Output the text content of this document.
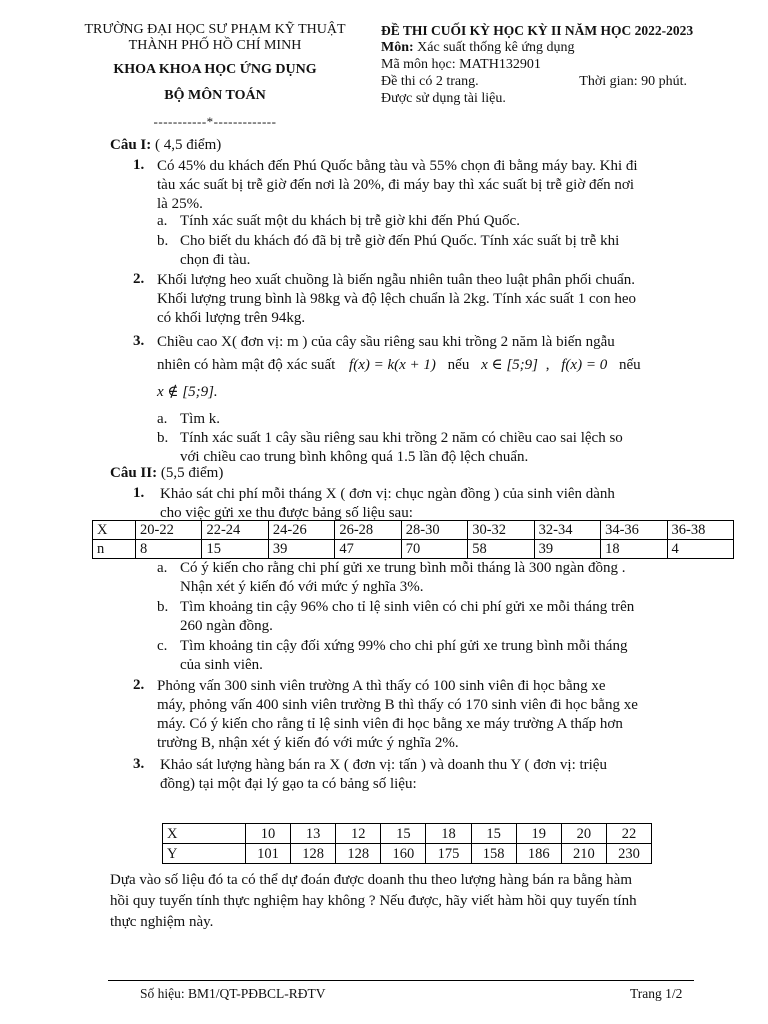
TRƯỜNG ĐẠI HỌC SƯ PHẠM KỸ THUẬT
THÀNH PHỐ HỒ CHÍ MINH
KHOA KHOA HỌC ỨNG DỤNG
BỘ MÔN TOÁN
-----------*-------------
ĐỀ THI CUỐI KỲ HỌC KỲ II NĂM HỌC 2022-2023
Môn: Xác suất thống kê ứng dụng
Mã môn học: MATH132901
Đề thi có 2 trang.	Thời gian: 90 phút.
Được sử dụng tài liệu.
Câu I: ( 4,5 điểm)
1. Có 45% du khách đến Phú Quốc bằng tàu và 55% chọn đi bằng máy bay. Khi đi
tàu xác suất bị trễ giờ đến nơi là 20%, đi máy bay thì xác suất bị trễ giờ đến nơi
là 25%.
a. Tính xác suất một du khách bị trễ giờ khi đến Phú Quốc.
b. Cho biết du khách đó đã bị trễ giờ đến Phú Quốc. Tính xác suất bị trễ khi
chọn đi tàu.
2. Khối lượng heo xuất chuồng là biến ngẫu nhiên tuân theo luật phân phối chuẩn.
Khối lượng trung bình là 98kg và độ lệch chuẩn là 2kg. Tính xác suất 1 con heo
có khối lượng trên 94kg.
3. Chiều cao X( đơn vị: m ) của cây sầu riêng sau khi trồng 2 năm là biến ngẫu
nhiên có hàm mật độ xác suất f(x) = k(x + 1) nếu x ∈ [5;9] , f(x) = 0 nếu
x ∉ [5;9].
a. Tìm k.
b. Tính xác suất 1 cây sầu riêng sau khi trồng 2 năm có chiều cao sai lệch so
với chiều cao trung bình không quá 1.5 lần độ lệch chuẩn.
Câu II: (5,5 điểm)
1. Khảo sát chi phí mỗi tháng X ( đơn vị: chục ngàn đồng ) của sinh viên dành
cho việc gửi xe thu được bảng số liệu sau:
X	20-22	22-24	24-26	26-28	28-30	30-32	32-34	34-36	36-38
n	8	15	39	47	70	58	39	18	4
a. Có ý kiến cho rằng chi phí gửi xe trung bình mỗi tháng là 300 ngàn đồng .
Nhận xét ý kiến đó với mức ý nghĩa 3%.
b. Tìm khoảng tin cậy 96% cho tỉ lệ sinh viên có chi phí gửi xe mỗi tháng trên
260 ngàn đồng.
c. Tìm khoảng tin cậy đối xứng 99% cho chi phí gửi xe trung bình mỗi tháng
của sinh viên.
2. Phỏng vấn 300 sinh viên trường A thì thấy có 100 sinh viên đi học bằng xe
máy, phỏng vấn 400 sinh viên trường B thì thấy có 170 sinh viên đi học bằng xe
máy. Có ý kiến cho rằng tỉ lệ sinh viên đi học bằng xe máy trường A thấp hơn
trường B, nhận xét ý kiến đó với mức ý nghĩa 2%.
3. Khảo sát lượng hàng bán ra X ( đơn vị: tấn ) và doanh thu Y ( đơn vị: triệu
đồng) tại một đại lý gạo ta có bảng số liệu:
X	10	13	12	15	18	15	19	20	22
Y	101	128	128	160	175	158	186	210	230
Dựa vào số liệu đó ta có thể dự đoán được doanh thu theo lượng hàng bán ra bằng hàm
hồi quy tuyến tính thực nghiệm hay không ? Nếu được, hãy viết hàm hồi quy tuyến tính
thực nghiệm này.
Số hiệu: BM1/QT-PĐBCL-RĐTV	Trang 1/2
